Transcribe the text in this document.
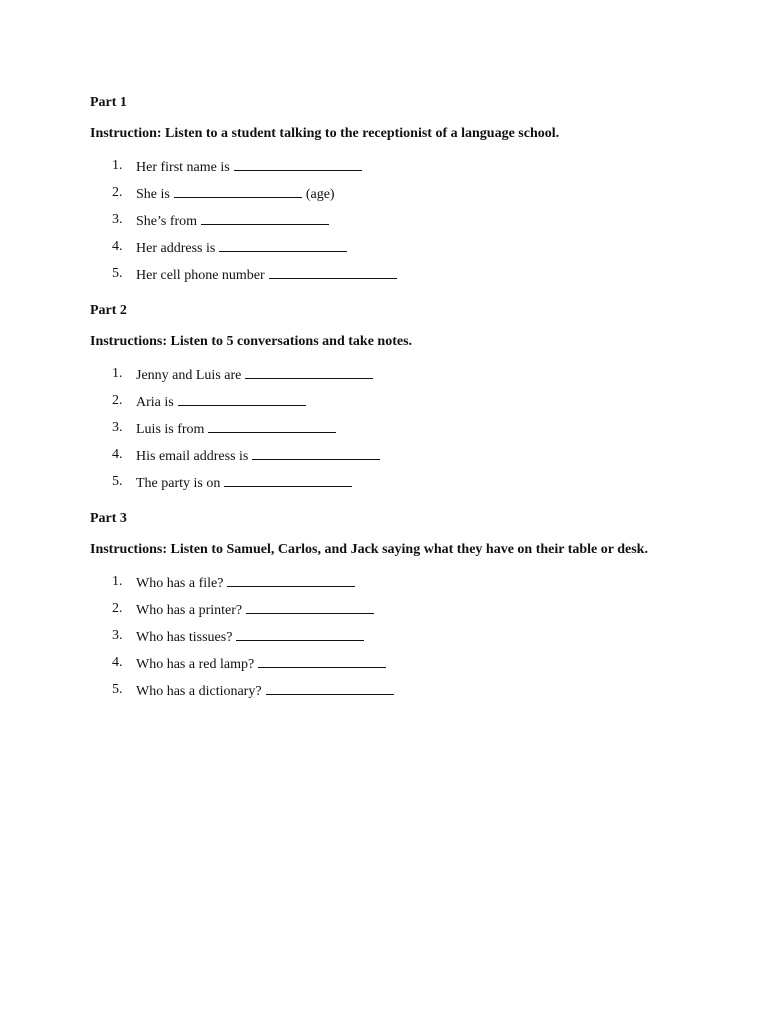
Part 1

Instruction: Listen to a student talking to the receptionist of a language school.

1. Her first name is
2. She is	(age)
3. She’s from
4. Her address is
5. Her cell phone number

Part 2

Instructions: Listen to 5 conversations and take notes.

1. Jenny and Luis are
2. Aria is
3. Luis is from
4. His email address is
5. The party is on

Part 3

Instructions: Listen to Samuel, Carlos, and Jack saying what they have on their table or desk.

1. Who has a file?
2. Who has a printer?
3. Who has tissues?
4. Who has a red lamp?
5. Who has a dictionary?
